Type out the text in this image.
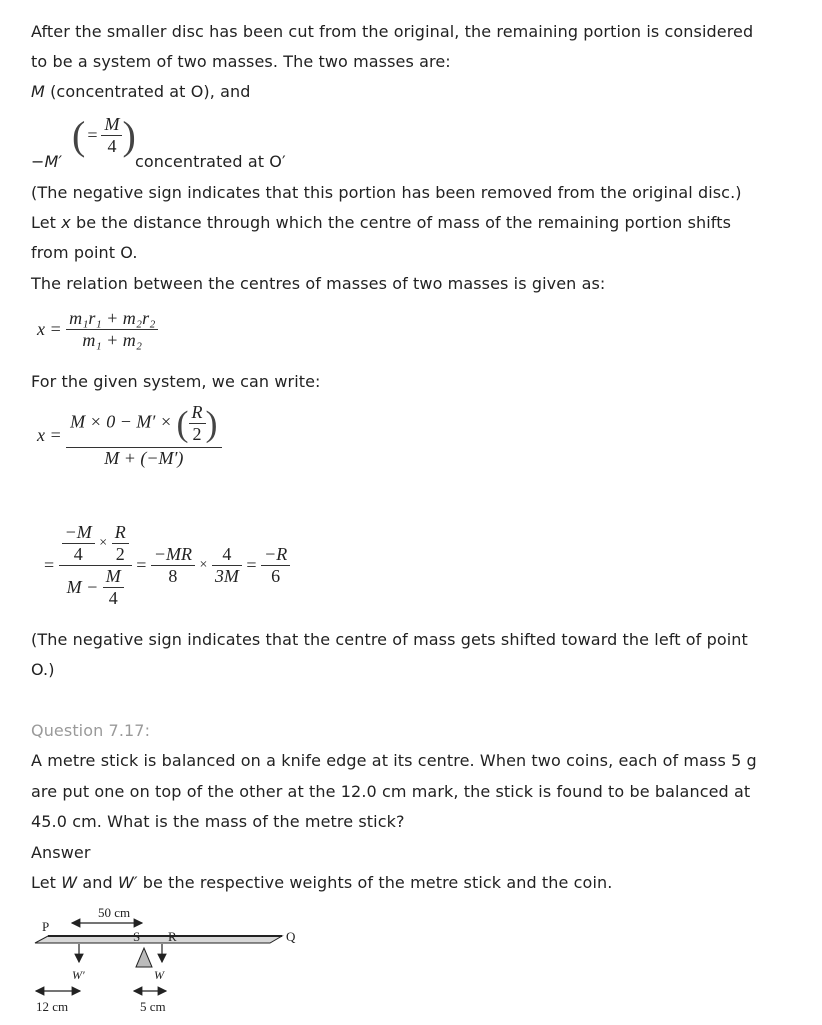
After the smaller disc has been cut from the original, the remaining portion is considered
to be a system of two masses. The two masses are:
M (concentrated at O), and
−M′
( = $\frac{M}{4}$ )
concentrated at O′
(The negative sign indicates that this portion has been removed from the original disc.)
Let x be the distance through which the centre of mass of the remaining portion shifts
from point O.
The relation between the centres of masses of two masses is given as:
$x = \frac{\text{m₁r₁ + m₂r₂}}{\text{m₁ + m₂}}$
For the given system, we can write:
$x = \frac{M \times 0 - M' \times ( \frac{R}{2} )}{M + (-M')}$
= $\frac{\frac{-M}{4} \times \frac{R}{2}}{M - \frac{M}{4}} = \frac{-MR}{8} \times \frac{4}{3M} = \frac{-R}{6}$
(The negative sign indicates that the centre of mass gets shifted toward the left of point
O.)
Question 7.17:
A metre stick is balanced on a knife edge at its centre. When two coins, each of mass 5 g
are put one on top of the other at the 12.0 cm mark, the stick is found to be balanced at
45.0 cm. What is the mass of the metre stick?
Answer
Let W and W′ be the respective weights of the metre stick and the coin.
50 cm
P
S R	Q
W′	W
12 cm	5 cm
